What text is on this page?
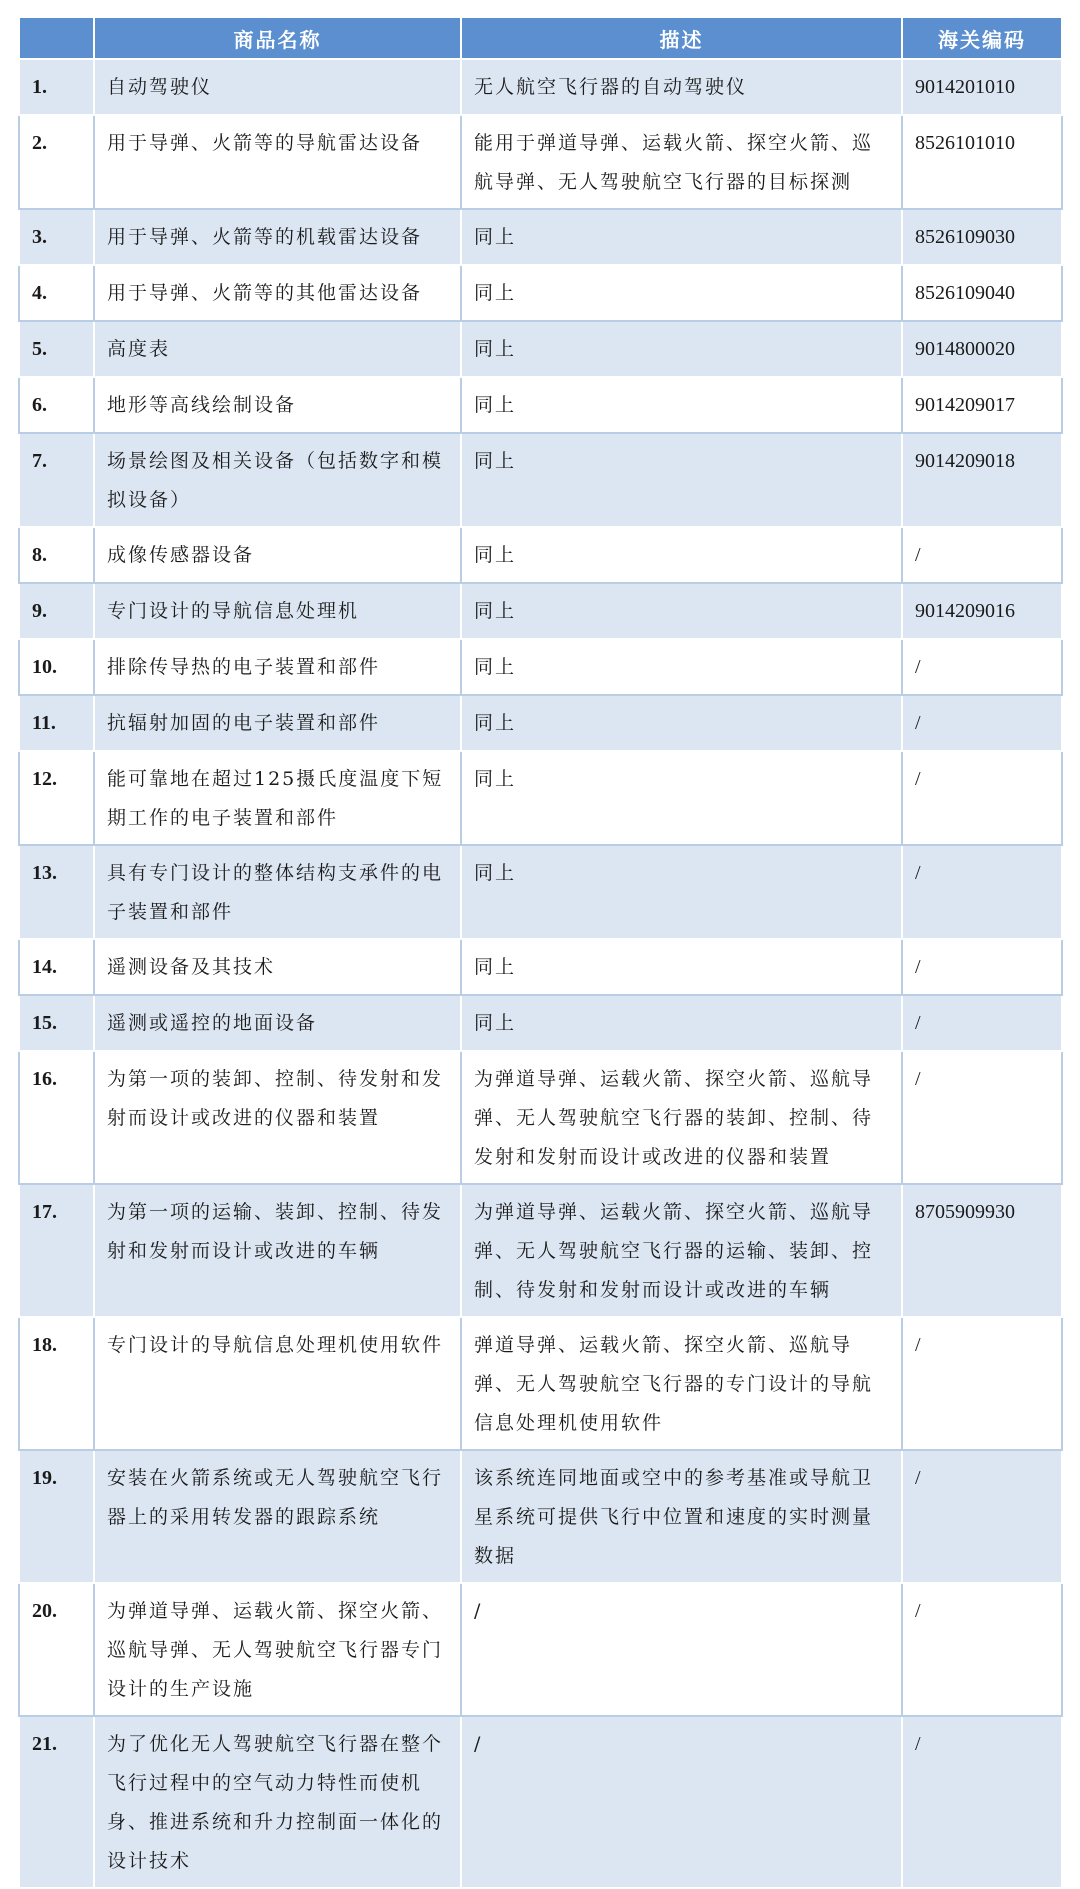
	商品名称	描述	海关编码
1.	自动驾驶仪	无人航空飞行器的自动驾驶仪	9014201010
2.	用于导弹、火箭等的导航雷达设备	能用于弹道导弹、运载火箭、探空火箭、巡航导弹、无人驾驶航空飞行器的目标探测	8526101010
3.	用于导弹、火箭等的机载雷达设备	同上	8526109030
4.	用于导弹、火箭等的其他雷达设备	同上	8526109040
5.	高度表	同上	9014800020
6.	地形等高线绘制设备	同上	9014209017
7.	场景绘图及相关设备（包括数字和模拟设备）	同上	9014209018
8.	成像传感器设备	同上	/
9.	专门设计的导航信息处理机	同上	9014209016
10.	排除传导热的电子装置和部件	同上	/
11.	抗辐射加固的电子装置和部件	同上	/
12.	能可靠地在超过125摄氏度温度下短期工作的电子装置和部件	同上	/
13.	具有专门设计的整体结构支承件的电子装置和部件	同上	/
14.	遥测设备及其技术	同上	/
15.	遥测或遥控的地面设备	同上	/
16.	为第一项的装卸、控制、待发射和发射而设计或改进的仪器和装置	为弹道导弹、运载火箭、探空火箭、巡航导弹、无人驾驶航空飞行器的装卸、控制、待发射和发射而设计或改进的仪器和装置	/
17.	为第一项的运输、装卸、控制、待发射和发射而设计或改进的车辆	为弹道导弹、运载火箭、探空火箭、巡航导弹、无人驾驶航空飞行器的运输、装卸、控制、待发射和发射而设计或改进的车辆	8705909930
18.	专门设计的导航信息处理机使用软件	弹道导弹、运载火箭、探空火箭、巡航导弹、无人驾驶航空飞行器的专门设计的导航信息处理机使用软件	/
19.	安装在火箭系统或无人驾驶航空飞行器上的采用转发器的跟踪系统	该系统连同地面或空中的参考基准或导航卫星系统可提供飞行中位置和速度的实时测量数据	/
20.	为弹道导弹、运载火箭、探空火箭、巡航导弹、无人驾驶航空飞行器专门设计的生产设施	/	/
21.	为了优化无人驾驶航空飞行器在整个飞行过程中的空气动力特性而使机身、推进系统和升力控制面一体化的设计技术	/	/
